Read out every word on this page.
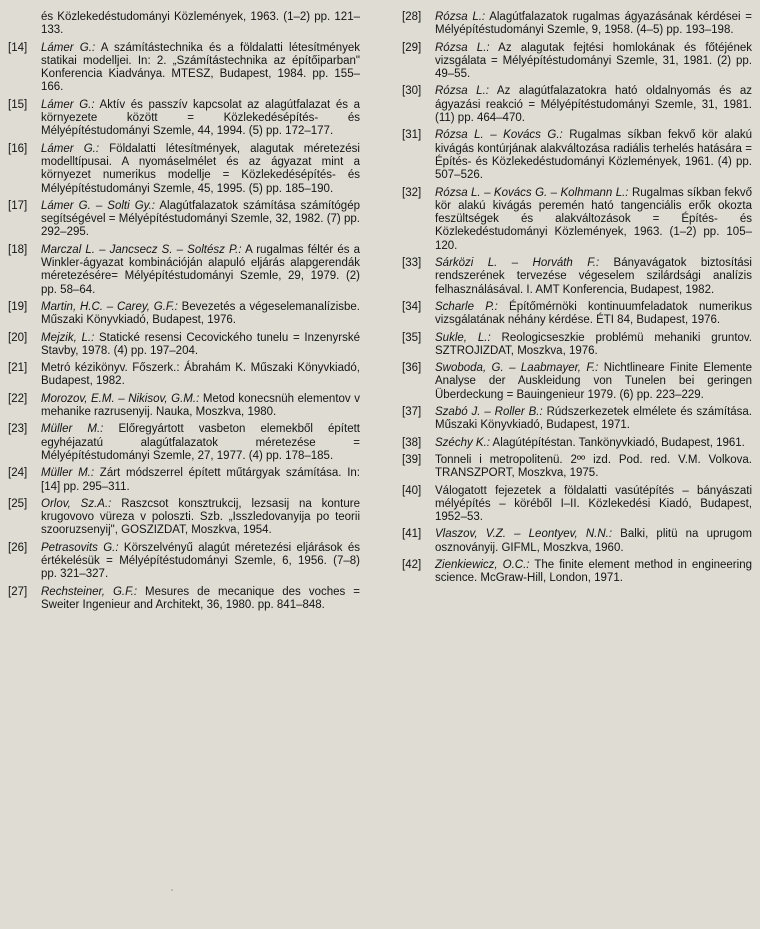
és Közlekedéstudományi Közlemények, 1963. (1–2) pp. 121–133.
[14]	Lámer G.: A számítástechnika és a földalatti létesítmények statikai modelljei. In: 2. „Számítástechnika az építőiparban" Konferencia Kiadványa. MTESZ, Budapest, 1984. pp. 155–166.
[15]	Lámer G.: Aktív és passzív kapcsolat az alagútfalazat és a környezete között = Közlekedésépítés- és Mélyépítéstudományi Szemle, 44, 1994. (5) pp. 172–177.
[16]	Lámer G.: Földalatti létesítmények, alagutak méretezési modelltípusai. A nyomáselmélet és az ágyazat mint a környezet numerikus modellje = Közlekedésépítés- és Mélyépítéstudományi Szemle, 45, 1995. (5) pp. 185–190.
[17]	Lámer G. – Solti Gy.: Alagútfalazatok számítása számítógép segítségével = Mélyépítéstudományi Szemle, 32, 1982. (7) pp. 292–295.
[18]	Marczal L. – Jancsecz S. – Soltész P.: A rugalmas féltér és a Winkler-ágyazat kombinációján alapuló eljárás alapgerendák méretezésére= Mélyépítéstudományi Szemle, 29, 1979. (2) pp. 58–64.
[19]	Martin, H.C. – Carey, G.F.: Bevezetés a végeselemanalízisbe. Műszaki Könyvkiadó, Budapest, 1976.
[20]	Mejzik, L.: Statické resensi Cecovického tunelu = Inzenyrské Stavby, 1978. (4) pp. 197–204.
[21]	Metró kézikönyv. Főszerk.: Ábrahám K. Műszaki Könyvkiadó, Budapest, 1982.
[22]	Morozov, E.M. – Nikisov, G.M.: Metod konecsnüh elementov v mehanike razrusenyij. Nauka, Moszkva, 1980.
[23]	Müller M.: Előregyártott vasbeton elemekből épített egyhéjazatú alagútfalazatok méretezése = Mélyépítéstudományi Szemle, 27, 1977. (4) pp. 178–185.
[24]	Müller M.: Zárt módszerrel épített műtárgyak számítása. In: [14] pp. 295–311.
[25]	Orlov, Sz.A.: Raszcsot konsztrukcij, lezsasij na konture krugovovo vüreza v poloszti. Szb. „Isszledovanyija po teorii szooruzsenyij", GOSZIZDAT, Moszkva, 1954.
[26]	Petrasovits G.: Körszelvényű alagút méretezési eljárások és értékelésük = Mélyépítéstudományi Szemle, 6, 1956. (7–8) pp. 321–327.
[27]	Rechsteiner, G.F.: Mesures de mecanique des voches = Sweiter Ingenieur and Architekt, 36, 1980. pp. 841–848.
[28]	Rózsa L.: Alagútfalazatok rugalmas ágyazásának kérdései = Mélyépítéstudományi Szemle, 9, 1958. (4–5) pp. 193–198.
[29]	Rózsa L.: Az alagutak fejtési homlokának és főtéjének vizsgálata = Mélyépítéstudományi Szemle, 31, 1981. (2) pp. 49–55.
[30]	Rózsa L.: Az alagútfalazatokra ható oldalnyomás és az ágyazási reakció = Mélyépítéstudományi Szemle, 31, 1981. (11) pp. 464–470.
[31]	Rózsa L. – Kovács G.: Rugalmas síkban fekvő kör alakú kivágás kontúrjának alakváltozása radiális terhelés hatására = Építés- és Közlekedéstudományi Közlemények, 1961. (4) pp. 507–526.
[32]	Rózsa L. – Kovács G. – Kolhmann L.: Rugalmas síkban fekvő kör alakú kivágás peremén ható tangenciális erők okozta feszültségek és alakváltozások = Építés- és Közlekedéstudományi Közlemények, 1963. (1–2) pp. 105–120.
[33]	Sárközi L. – Horváth F.: Bányavágatok biztosítási rendszerének tervezése végeselem szilárdsági analízis felhasználásával. I. AMT Konferencia, Budapest, 1982.
[34]	Scharle P.: Építőmérnöki kontinuumfeladatok numerikus vizsgálatának néhány kérdése. ÉTI 84, Budapest, 1976.
[35]	Sukle, L.: Reologicseszkie problémü mehaniki gruntov. SZTROJIZDAT, Moszkva, 1976.
[36]	Swoboda, G. – Laabmayer, F.: Nichtlineare Finite Elemente Analyse der Auskleidung von Tunelen bei geringen Überdeckung = Bauingenieur 1979. (6) pp. 223–229.
[37]	Szabó J. – Roller B.: Rúdszerkezetek elmélete és számítása. Műszaki Könyvkiadó, Budapest, 1971.
[38]	Széchy K.: Alagútépítéstan. Tankönyvkiadó, Budapest, 1961.
[39]	Tonneli i metropolitenü. 2ºº izd. Pod. red. V.M. Volkova. TRANSZPORT, Moszkva, 1975.
[40]	Válogatott fejezetek a földalatti vasútépítés – bányászati mélyépítés – köréből I–II. Közlekedési Kiadó, Budapest, 1952–53.
[41]	Vlaszov, V.Z. – Leontyev, N.N.: Balki, plitü na uprugom osznoványij. GIFML, Moszkva, 1960.
[42]	Zienkiewicz, O.C.: The finite element method in engineering science. McGraw-Hill, London, 1971.
